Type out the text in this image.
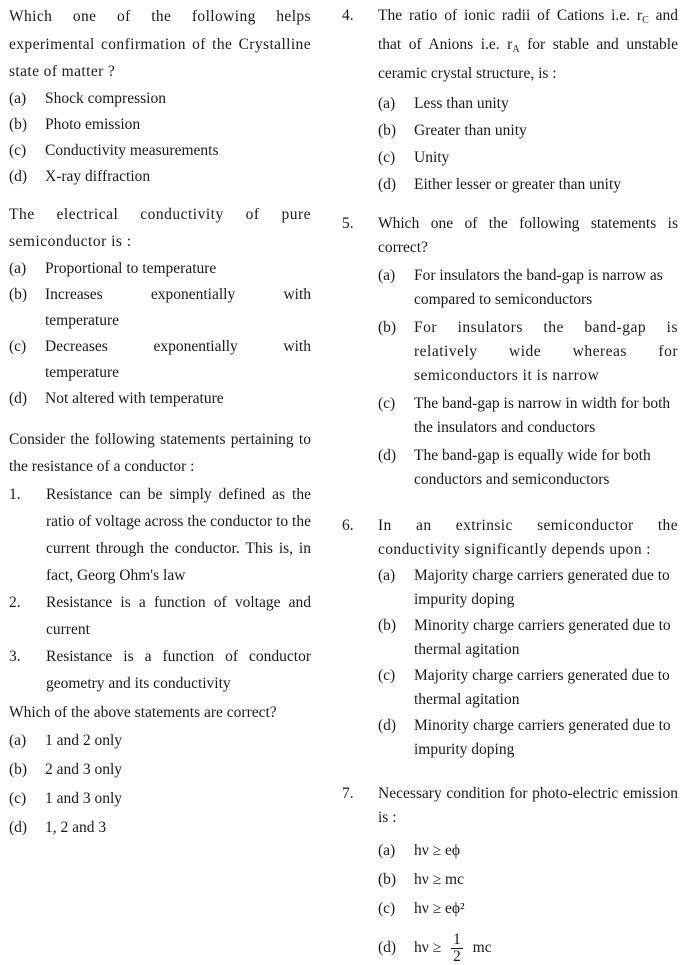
Which one of the following helps experimental confirmation of the Crystalline state of matter ?
(a) Shock compression
(b) Photo emission
(c) Conductivity measurements
(d) X-ray diffraction
The electrical conductivity of pure semiconductor is :
(a) Proportional to temperature
(b) Increases exponentially with temperature
(c) Decreases exponentially with temperature
(d) Not altered with temperature
Consider the following statements pertaining to the resistance of a conductor :
1. Resistance can be simply defined as the ratio of voltage across the conductor to the current through the conductor. This is, in fact, Georg Ohm's law
2. Resistance is a function of voltage and current
3. Resistance is a function of conductor geometry and its conductivity
Which of the above statements are correct?
(a) 1 and 2 only
(b) 2 and 3 only
(c) 1 and 3 only
(d) 1, 2 and 3
4. The ratio of ionic radii of Cations i.e. $r_C$ and that of Anions i.e. $r_A$ for stable and unstable ceramic crystal structure, is :
(a) Less than unity
(b) Greater than unity
(c) Unity
(d) Either lesser or greater than unity
5. Which one of the following statements is correct?
(a) For insulators the band-gap is narrow as compared to semiconductors
(b) For insulators the band-gap is relatively wide whereas for semiconductors it is narrow
(c) The band-gap is narrow in width for both the insulators and conductors
(d) The band-gap is equally wide for both conductors and semiconductors
6. In an extrinsic semiconductor the conductivity significantly depends upon :
(a) Majority charge carriers generated due to impurity doping
(b) Minority charge carriers generated due to thermal agitation
(c) Majority charge carriers generated due to thermal agitation
(d) Minority charge carriers generated due to impurity doping
7. Necessary condition for photo-electric emission is :
(a) hν ≥ eϕ
(b) hν ≥ mc
(c) hν ≥ eϕ²
(d) $h\nu \ge \frac{1}{2}$ mc
